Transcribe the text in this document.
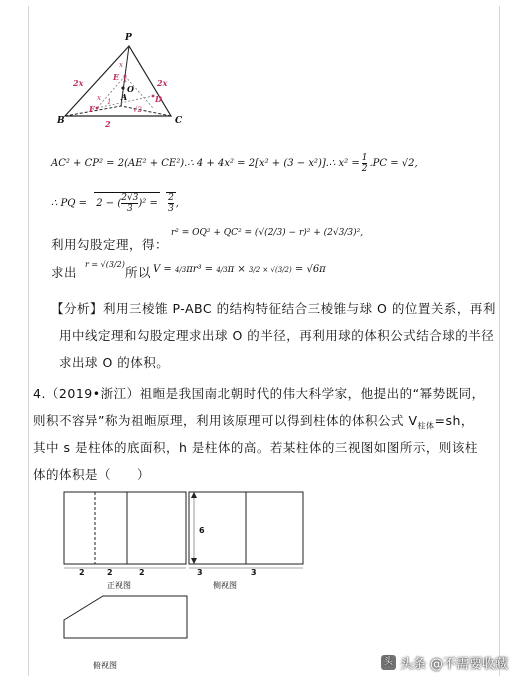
P
B	C
A
E
F
O
D
2x	2x
2
x
x
x 1
√2
AC² + CP² = 2(AE² + CE²).∴ 4 + 4x² = 2[x² + (3 − x²)].∴ $x^2 = \frac{1}{2} .PC = √2$,
∴ PQ = 2 − ( $\frac{2√3}{3} )^2 = \frac{2}{3}$ ,
利用勾股定理，得：
r² = OQ² + QC² = (√(2/3) − r)² + (2√3/3)²,
求出
r = √(3/2)
所以 V = 4/3πr³ = 4/3π × 3/2 × √(3/2) = √6π
【分析】利用三棱锥 P-ABC 的结构特征结合三棱锥与球 O 的位置关系，再利
用中线定理和勾股定理求出球 O 的半径，再利用球的体积公式结合球的半径
求出球 O 的体积。
4.（2019•浙江）祖暅是我国南北朝时代的伟大科学家，他提出的“幂势既同，
则积不容异”称为祖暅原理，利用该原理可以得到柱体的体积公式 $V_{柱体}=sh$，
其中 s 是柱体的底面积，h 是柱体的高。若某柱体的三视图如图所示，则该柱
体的体积是（　　）
2	2	2
6
正视图
3	3
侧视图
俯视图	头 头条 @不需要收藏
